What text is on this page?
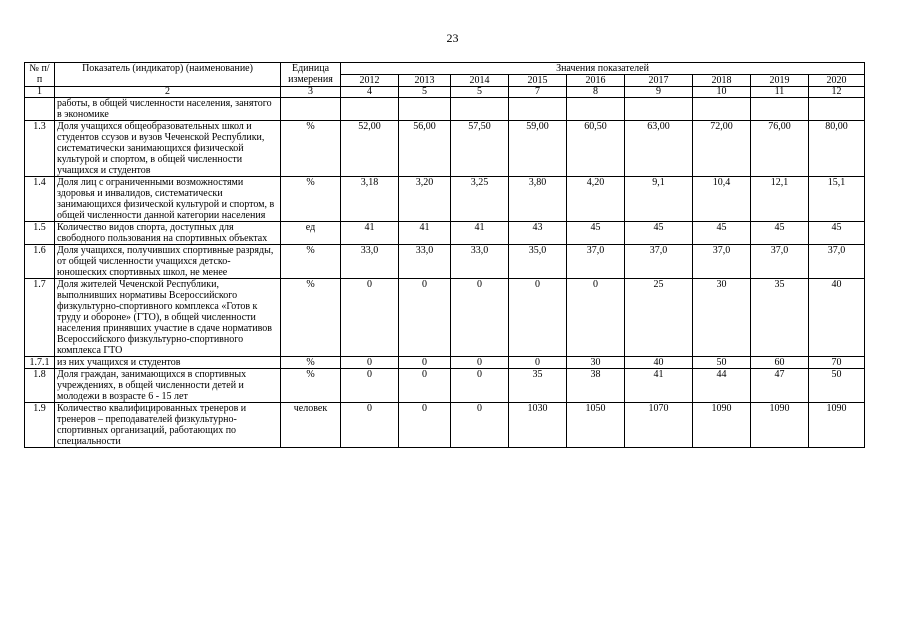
23
№ п/п	Показатель (индикатор) (наименование)	Единица измерения	Значения показателей								
			2012	2013	2014	2015	2016	2017	2018	2019	2020
1	2	3	4	5	5	7	8	9	10	11	12
	работы, в общей численности населения, занятого в экономике										
1.3	Доля учащихся общеобразовательных школ и студентов ссузов и вузов Чеченской Республики, систематически занимающихся физической культурой и спортом, в общей численности учащихся и студентов	%	52,00	56,00	57,50	59,00	60,50	63,00	72,00	76,00	80,00
1.4	Доля лиц с ограниченными возможностями здоровья и инвалидов, систематически занимающихся физической культурой и спортом, в общей численности данной категории населения	%	3,18	3,20	3,25	3,80	4,20	9,1	10,4	12,1	15,1
1.5	Количество видов спорта, доступных для свободного пользования на спортивных объектах	ед	41	41	41	43	45	45	45	45	45
1.6	Доля учащихся, получивших спортивные разряды, от общей численности учащихся детско-юношеских спортивных школ, не менее	%	33,0	33,0	33,0	35,0	37,0	37,0	37,0	37,0	37,0
1.7	Доля жителей Чеченской Республики, выполнивших нормативы Всероссийского физкультурно-спортивного комплекса «Готов к труду и обороне» (ГТО), в общей численности населения принявших участие в сдаче нормативов Всероссийского физкультурно-спортивного комплекса ГТО	%	0	0	0	0	0	25	30	35	40
1.7.1	из них учащихся и студентов	%	0	0	0	0	30	40	50	60	70
1.8	Доля граждан, занимающихся в спортивных учреждениях, в общей численности детей и молодежи в возрасте 6 - 15 лет	%	0	0	0	35	38	41	44	47	50
1.9	Количество квалифицированных тренеров и тренеров – преподавателей физкультурно-спортивных организаций, работающих по специальности	человек	0	0	0	1030	1050	1070	1090	1090	1090
